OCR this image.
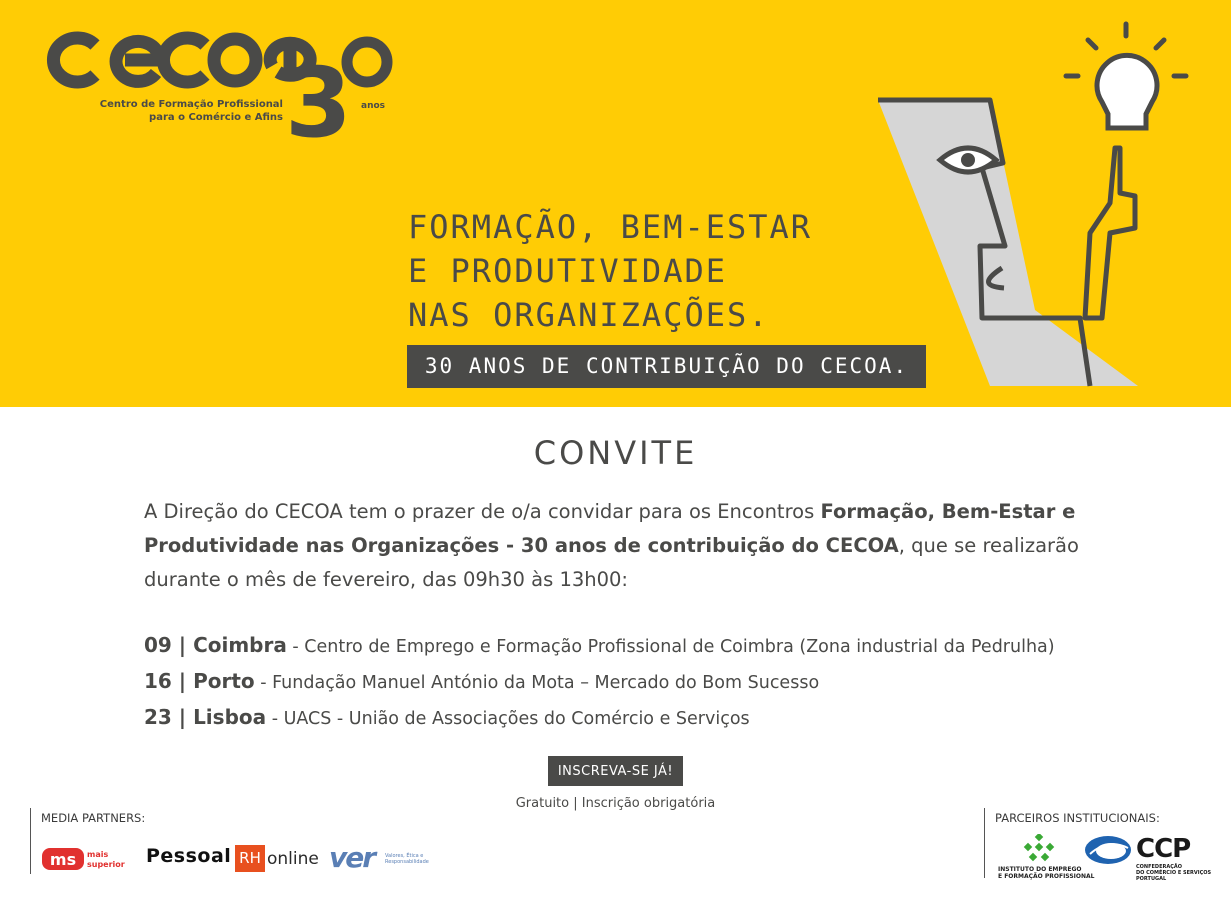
3
Centro de Formação Profissional
para o Comércio e Afins
anos
FORMAÇÃO, BEM-ESTAR
E PRODUTIVIDADE
NAS ORGANIZAÇÕES.
30 ANOS DE CONTRIBUIÇÃO DO CECOA.
CONVITE
A Direção do CECOA tem o prazer de o/a convidar para os Encontros Formação, Bem-Estar e Produtividade nas Organizações - 30 anos de contribuição do CECOA, que se realizarão durante o mês de fevereiro, das 09h30 às 13h00:
09 | Coimbra - Centro de Emprego e Formação Profissional de Coimbra (Zona industrial da Pedrulha)
16 | Porto - Fundação Manuel António da Mota – Mercado do Bom Sucesso
23 | Lisboa - UACS - União de Associações do Comércio e Serviços
INSCREVA-SE JÁ!
Gratuito | Inscrição obrigatória
MEDIA PARTNERS:
ms mais
superior Pessoal RH online ver Valores, Ética e Responsabilidade
PARCEIROS INSTITUCIONAIS:
INSTITUTO DO EMPREGO
E FORMAÇÃO PROFISSIONAL
CCP
CONFEDERAÇÃO
DO COMÉRCIO E SERVIÇOS
PORTUGAL
